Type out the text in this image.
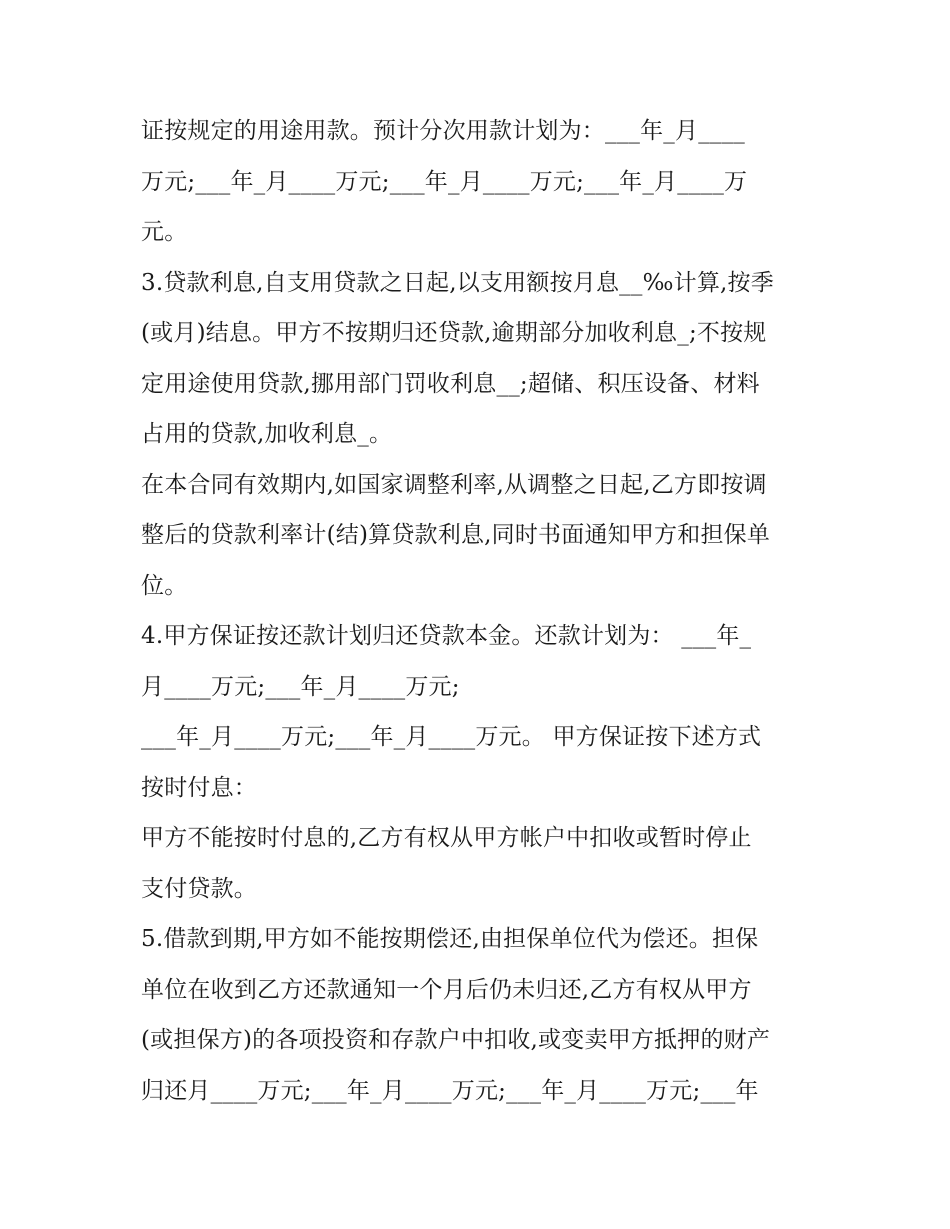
证按规定的用途用款。预计分次用款计划为：___年_月____
万元;___年_月____万元;___年_月____万元;___年_月____万
元。
3.贷款利息,自支用贷款之日起,以支用额按月息__‰计算,按季
(或月)结息。甲方不按期归还贷款,逾期部分加收利息_;不按规
定用途使用贷款,挪用部门罚收利息__;超储、积压设备、材料
占用的贷款,加收利息_。
在本合同有效期内,如国家调整利率,从调整之日起,乙方即按调
整后的贷款利率计(结)算贷款利息,同时书面通知甲方和担保单
位。
4.甲方保证按还款计划归还贷款本金。还款计划为： ___年_
月____万元;___年_月____万元;
___年_月____万元;___年_月____万元。 甲方保证按下述方式
按时付息：
甲方不能按时付息的,乙方有权从甲方帐户中扣收或暂时停止
支付贷款。
5.借款到期,甲方如不能按期偿还,由担保单位代为偿还。担保
单位在收到乙方还款通知一个月后仍未归还,乙方有权从甲方
(或担保方)的各项投资和存款户中扣收,或变卖甲方抵押的财产
归还月____万元;___年_月____万元;___年_月____万元;___年
